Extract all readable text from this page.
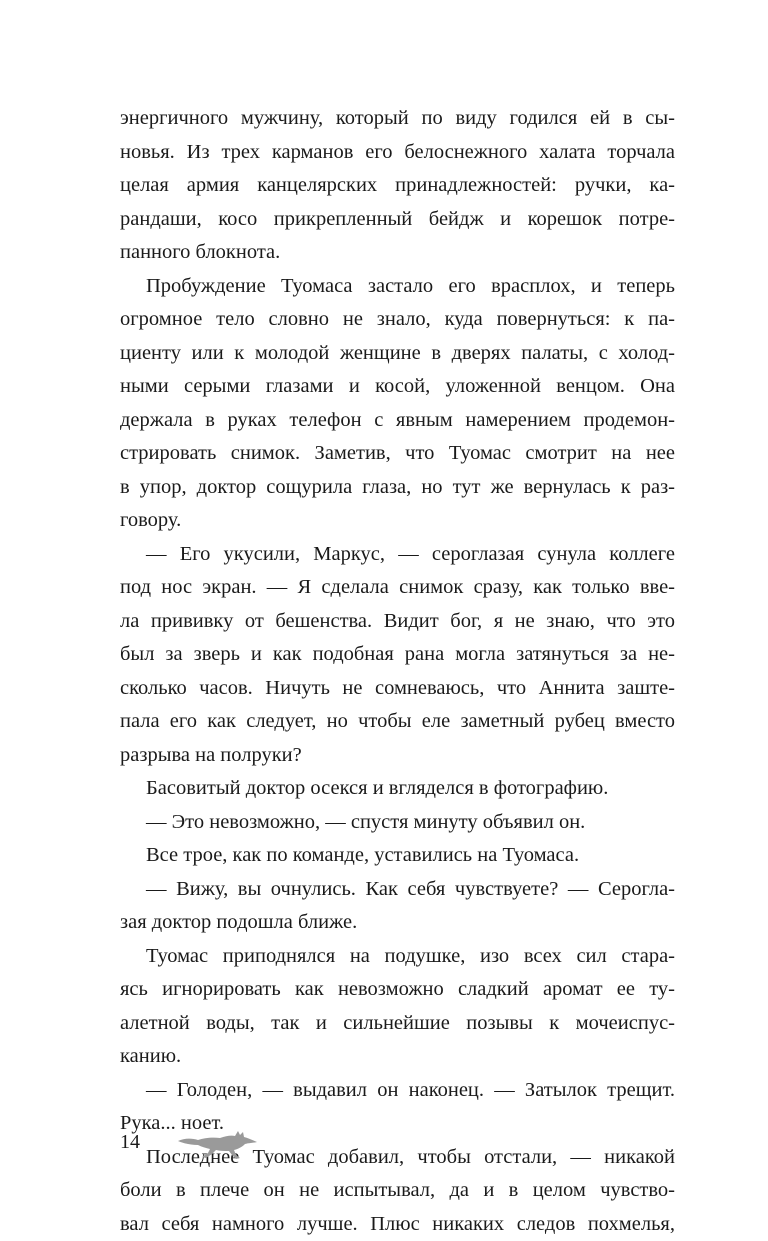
энергичного мужчину, который по виду годился ей в сы-
новья. Из трех карманов его белоснежного халата торчала
целая армия канцелярских принадлежностей: ручки, ка-
рандаши, косо прикрепленный бейдж и корешок потре-
панного блокнота.
Пробуждение Туомаса застало его врасплох, и теперь
огромное тело словно не знало, куда повернуться: к па-
циенту или к молодой женщине в дверях палаты, с холод-
ными серыми глазами и косой, уложенной венцом. Она
держала в руках телефон с явным намерением продемон-
стрировать снимок. Заметив, что Туомас смотрит на нее
в упор, доктор сощурила глаза, но тут же вернулась к раз-
говору.
— Его укусили, Маркус, — сероглазая сунула коллеге
под нос экран. — Я сделала снимок сразу, как только вве-
ла прививку от бешенства. Видит бог, я не знаю, что это
был за зверь и как подобная рана могла затянуться за не-
сколько часов. Ничуть не сомневаюсь, что Аннита заште-
пала его как следует, но чтобы еле заметный рубец вместо
разрыва на полруки?
Басовитый доктор осекся и вгляделся в фотографию.
— Это невозможно, — спустя минуту объявил он.
Все трое, как по команде, уставились на Туомаса.
— Вижу, вы очнулись. Как себя чувствуете? — Серогла-
зая доктор подошла ближе.
Туомас приподнялся на подушке, изо всех сил стара-
ясь игнорировать как невозможно сладкий аромат ее ту-
алетной воды, так и сильнейшие позывы к мочеиспус-
канию.
— Голоден, — выдавил он наконец. — Затылок трещит.
Рука... ноет.
Последнее Туомас добавил, чтобы отстали, — никакой
боли в плече он не испытывал, да и в целом чувство-
вал себя намного лучше. Плюс никаких следов похмелья,
14
